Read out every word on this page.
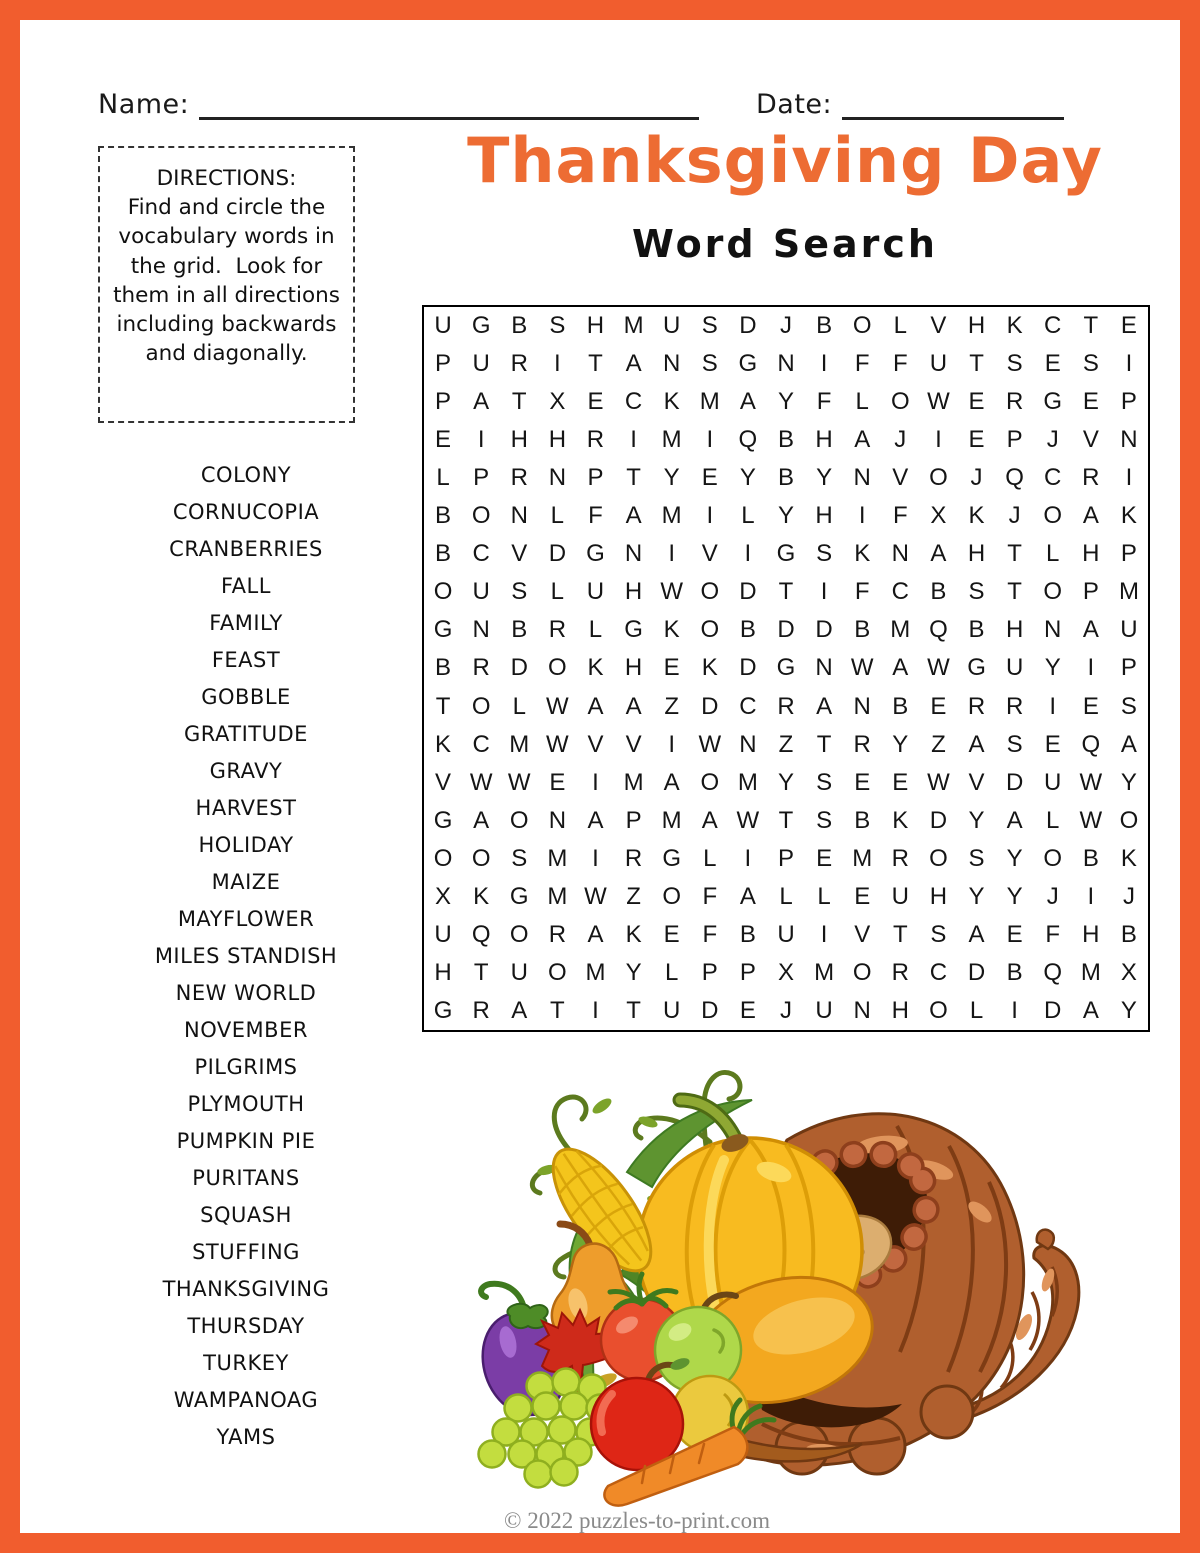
Name:	Date:
Thanksgiving Day
Word Search
DIRECTIONS:
Find and circle the vocabulary words in the grid.  Look for them in all directions including backwards and diagonally.
U G B S H M U S D J	B O L V H K C T E
P U R	I	T A N S G N	I	F F U T S E S	I
P A T X E C K M A Y F	L O W E R G E P
E	I	H H R	I	M	I	Q B H A	J	I	E P	J	V N
L P R N P T Y E Y B Y N V O J Q C R	I
B O N L	F A M	I	L Y H	I	F X K	J O A K
B C V D G N	I	V	I	G S K N A H T	L H P
O U S L U H W O D T	I	F C B S T O P M
G N B R L G K O B D D B M Q B H N A U
B R D O K H E K D G N W A W G U Y	I	P
T O L W A A Z D C R A N B E R R	I	E S
K C M W V V	I W N Z T R Y Z A S E Q A
V W W E	I	M A O M Y S E E W V D U W Y
G A O N A P M A W T S B K D Y A L W O
O O S M	I	R G L	I	P E M R O S Y O B K
X K G M W Z O F A L	L E U H Y Y	J	I	J
U Q O R A K E F B U	I	V T S A E F H B
H T U O M Y L P P X M O R C D B Q M X
G R A T	I	T U D E	J U N H O L	I	D A Y
COLONY
CORNUCOPIA
CRANBERRIES
FALL
FAMILY
FEAST
GOBBLE
GRATITUDE
GRAVY
HARVEST
HOLIDAY
MAIZE
MAYFLOWER
MILES STANDISH
NEW WORLD
NOVEMBER
PILGRIMS
PLYMOUTH
PUMPKIN PIE
PURITANS
SQUASH
STUFFING
THANKSGIVING
THURSDAY
TURKEY
WAMPANOAG
YAMS
© 2022 puzzles-to-print.com
